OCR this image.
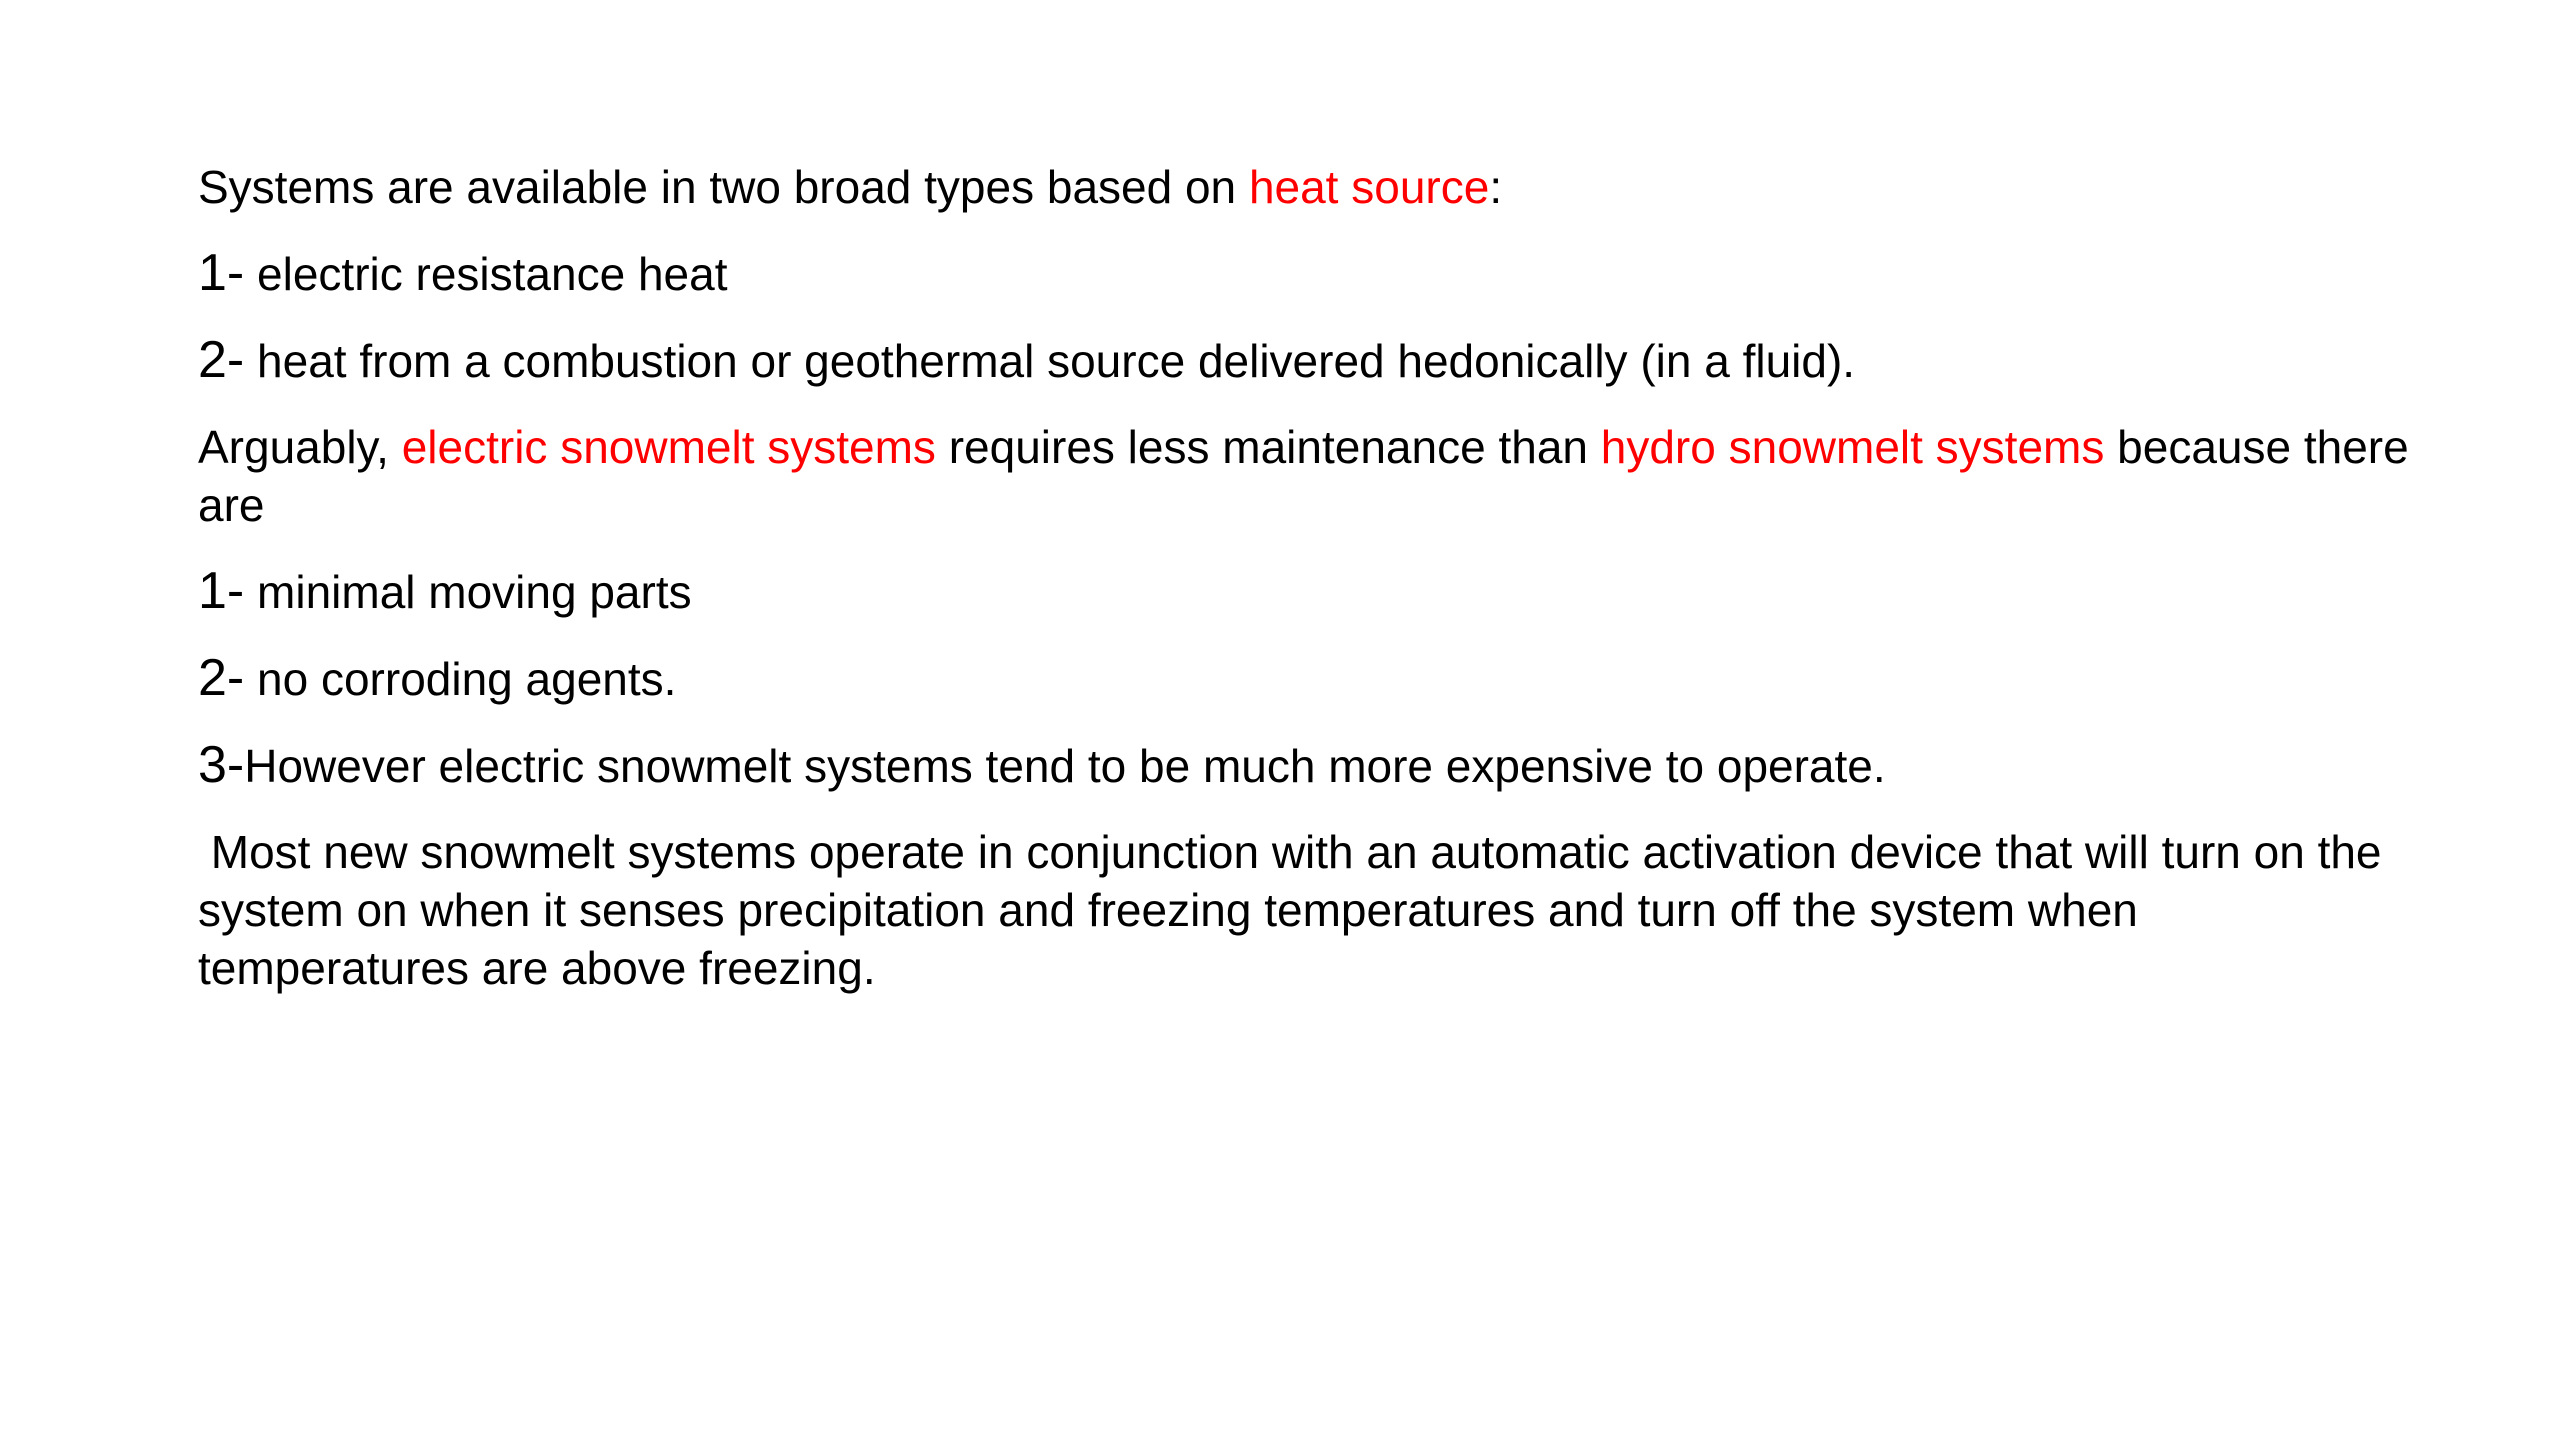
Systems are available in two broad types based on heat source:

1- electric resistance heat

2- heat from a combustion or geothermal source delivered hedonically (in a fluid).

Arguably, electric snowmelt systems requires less maintenance than hydro snowmelt systems because there are

1- minimal moving parts

2- no corroding agents.

3-However electric snowmelt systems tend to be much more expensive to operate.

Most new snowmelt systems operate in conjunction with an automatic activation device that will turn on the system on when it senses precipitation and freezing temperatures and turn off the system when temperatures are above freezing.
